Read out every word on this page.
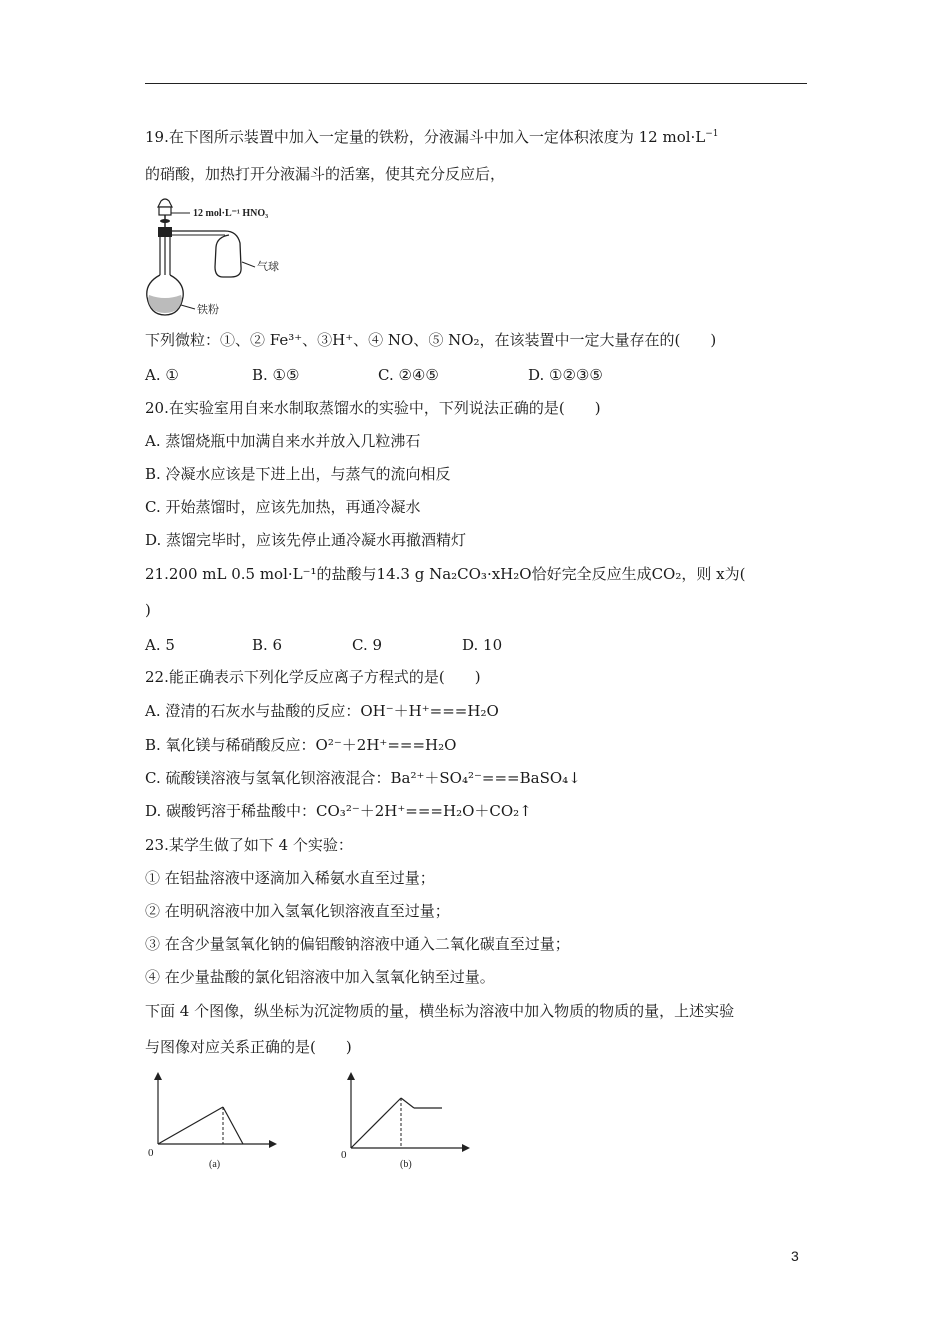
19.在下图所示装置中加入一定量的铁粉，分液漏斗中加入一定体积浓度为 12 $mol\cdot L^{-1}$
的硝酸，加热打开分液漏斗的活塞，使其充分反应后，
12 mol·L⁻¹ HNO₃
气球
铁粉
下列微粒：①、② Fe³⁺、③H⁺、④ NO、⑤ NO₂，在该装置中一定大量存在的(　　)
A. ①	B. ①⑤	C. ②④⑤	D. ①②③⑤
20.在实验室用自来水制取蒸馏水的实验中，下列说法正确的是(　　)
A. 蒸馏烧瓶中加满自来水并放入几粒沸石
B. 冷凝水应该是下进上出，与蒸气的流向相反
C. 开始蒸馏时，应该先加热，再通冷凝水
D. 蒸馏完毕时，应该先停止通冷凝水再撤酒精灯
21.200 mL 0.5 mol·L⁻¹的盐酸与14.3 g Na₂CO₃·xH₂O恰好完全反应生成CO₂，则 x为(
)
A. 5	B. 6	C. 9	D. 10
22.能正确表示下列化学反应离子方程式的是(　　)
A. 澄清的石灰水与盐酸的反应：OH⁻＋H⁺===H₂O
B. 氧化镁与稀硝酸反应：O²⁻＋2H⁺===H₂O
C. 硫酸镁溶液与氢氧化钡溶液混合：Ba²⁺＋SO₄²⁻===BaSO₄↓
D. 碳酸钙溶于稀盐酸中：CO₃²⁻＋2H⁺===H₂O＋CO₂↑
23.某学生做了如下 4 个实验：
① 在铝盐溶液中逐滴加入稀氨水直至过量；
② 在明矾溶液中加入氢氧化钡溶液直至过量；
③ 在含少量氢氧化钠的偏铝酸钠溶液中通入二氧化碳直至过量；
④ 在少量盐酸的氯化铝溶液中加入氢氧化钠至过量。
下面 4 个图像，纵坐标为沉淀物质的量，横坐标为溶液中加入物质的物质的量，上述实验
与图像对应关系正确的是(　　)
0
(a)
0
(b)
3
